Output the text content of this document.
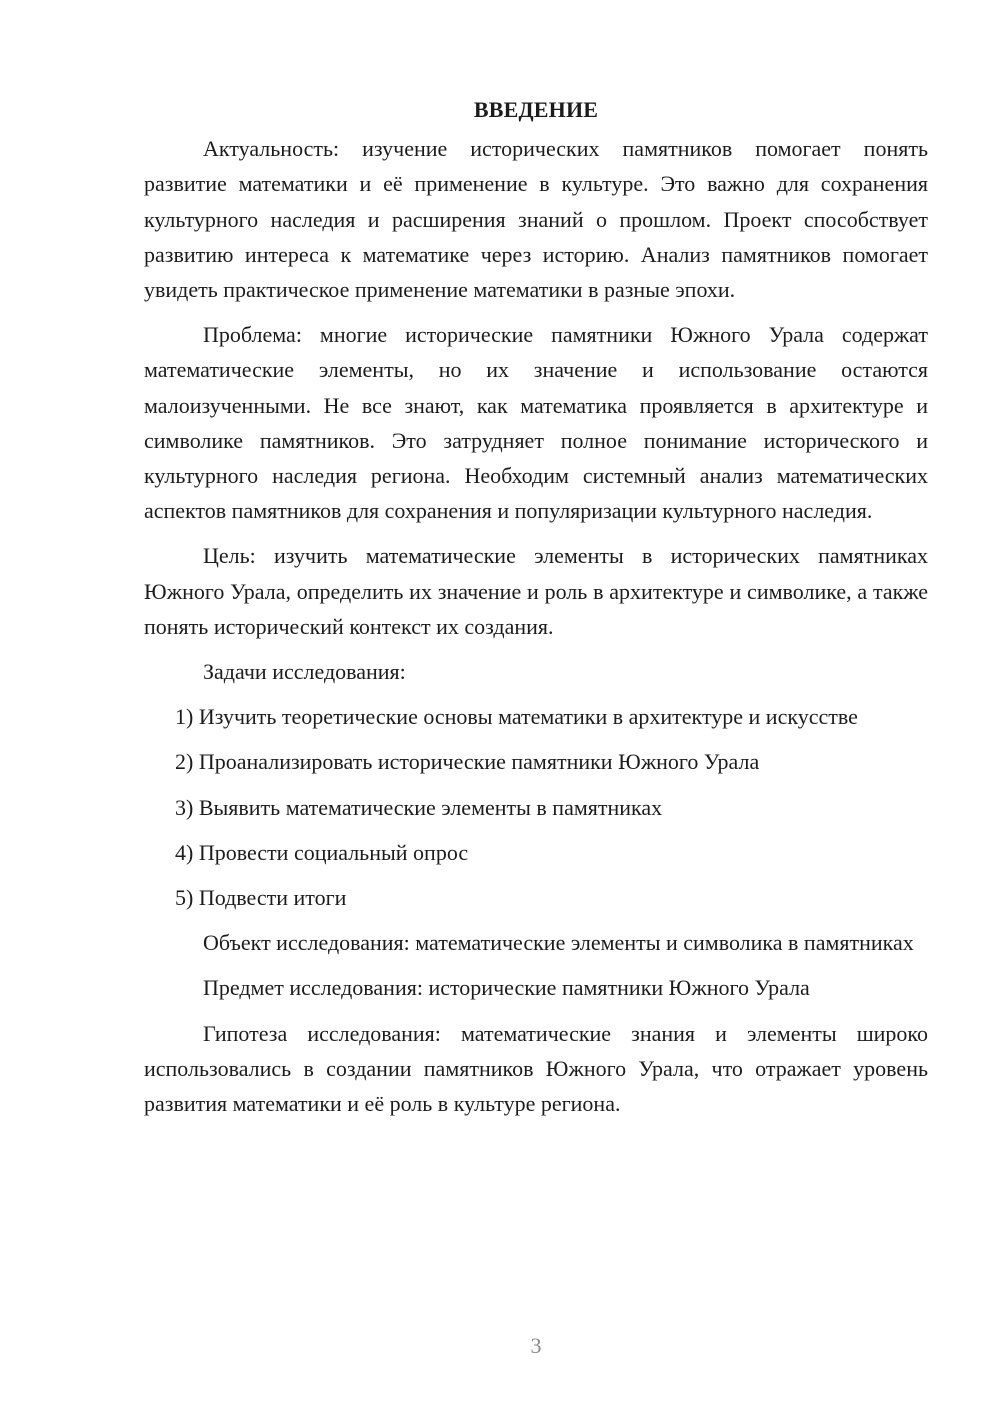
ВВЕДЕНИЕ

Актуальность: изучение исторических памятников помогает понять развитие математики и её применение в культуре. Это важно для сохранения культурного наследия и расширения знаний о прошлом. Проект способствует развитию интереса к математике через историю. Анализ памятников помогает увидеть практическое применение математики в разные эпохи.

Проблема: многие исторические памятники Южного Урала содержат математические элементы, но их значение и использование остаются малоизученными. Не все знают, как математика проявляется в архитектуре и символике памятников. Это затрудняет полное понимание исторического и культурного наследия региона. Необходим системный анализ математических аспектов памятников для сохранения и популяризации культурного наследия.

Цель: изучить математические элементы в исторических памятниках Южного Урала, определить их значение и роль в архитектуре и символике, а также понять исторический контекст их создания.

Задачи исследования:

1) Изучить теоретические основы математики в архитектуре и искусстве

2) Проанализировать исторические памятники Южного Урала

3) Выявить математические элементы в памятниках

4) Провести социальный опрос

5) Подвести итоги

Объект исследования: математические элементы и символика в памятниках

Предмет исследования: исторические памятники Южного Урала

Гипотеза исследования: математические знания и элементы широко использовались в создании памятников Южного Урала, что отражает уровень развития математики и её роль в культуре региона.

3
